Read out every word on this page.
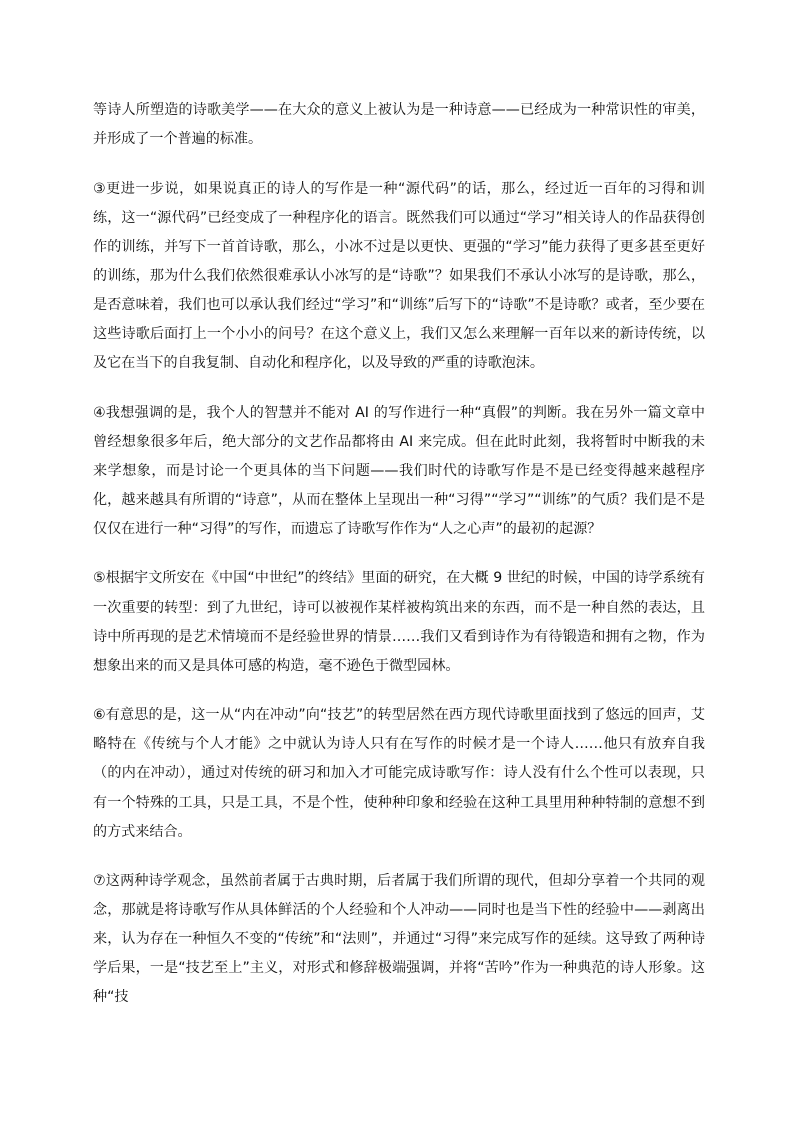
等诗人所塑造的诗歌美学——在大众的意义上被认为是一种诗意——已经成为一种常识性的审美，并形成了一个普遍的标准。

③更进一步说，如果说真正的诗人的写作是一种“源代码”的话，那么，经过近一百年的习得和训练，这一“源代码”已经变成了一种程序化的语言。既然我们可以通过“学习”相关诗人的作品获得创作的训练，并写下一首首诗歌，那么，小冰不过是以更快、更强的“学习”能力获得了更多甚至更好的训练，那为什么我们依然很难承认小冰写的是“诗歌”？如果我们不承认小冰写的是诗歌，那么，是否意味着，我们也可以承认我们经过“学习”和“训练”后写下的“诗歌”不是诗歌？或者，至少要在这些诗歌后面打上一个小小的问号？在这个意义上，我们又怎么来理解一百年以来的新诗传统，以及它在当下的自我复制、自动化和程序化，以及导致的严重的诗歌泡沫。

④我想强调的是，我个人的智慧并不能对 AI 的写作进行一种“真假”的判断。我在另外一篇文章中曾经想象很多年后，绝大部分的文艺作品都将由 AI 来完成。但在此时此刻，我将暂时中断我的未来学想象，而是讨论一个更具体的当下问题——我们时代的诗歌写作是不是已经变得越来越程序化，越来越具有所谓的“诗意”，从而在整体上呈现出一种“习得”“学习”“训练”的气质？我们是不是仅仅在进行一种“习得”的写作，而遗忘了诗歌写作作为“人之心声”的最初的起源？

⑤根据宇文所安在《中国“中世纪”的终结》里面的研究，在大概 9 世纪的时候，中国的诗学系统有一次重要的转型：到了九世纪，诗可以被视作某样被构筑出来的东西，而不是一种自然的表达，且诗中所再现的是艺术情境而不是经验世界的情景……我们又看到诗作为有待锻造和拥有之物，作为想象出来的而又是具体可感的构造，毫不逊色于微型园林。

⑥有意思的是，这一从“内在冲动”向“技艺”的转型居然在西方现代诗歌里面找到了悠远的回声，艾略特在《传统与个人才能》之中就认为诗人只有在写作的时候才是一个诗人……他只有放弃自我（的内在冲动），通过对传统的研习和加入才可能完成诗歌写作：诗人没有什么个性可以表现，只有一个特殊的工具，只是工具，不是个性，使种种印象和经验在这种工具里用种种特制的意想不到的方式来结合。

⑦这两种诗学观念，虽然前者属于古典时期，后者属于我们所谓的现代，但却分享着一个共同的观念，那就是将诗歌写作从具体鲜活的个人经验和个人冲动——同时也是当下性的经验中——剥离出来，认为存在一种恒久不变的“传统”和“法则”，并通过“习得”来完成写作的延续。这导致了两种诗学后果，一是“技艺至上”主义，对形式和修辞极端强调，并将“苦吟”作为一种典范的诗人形象。这种“技
